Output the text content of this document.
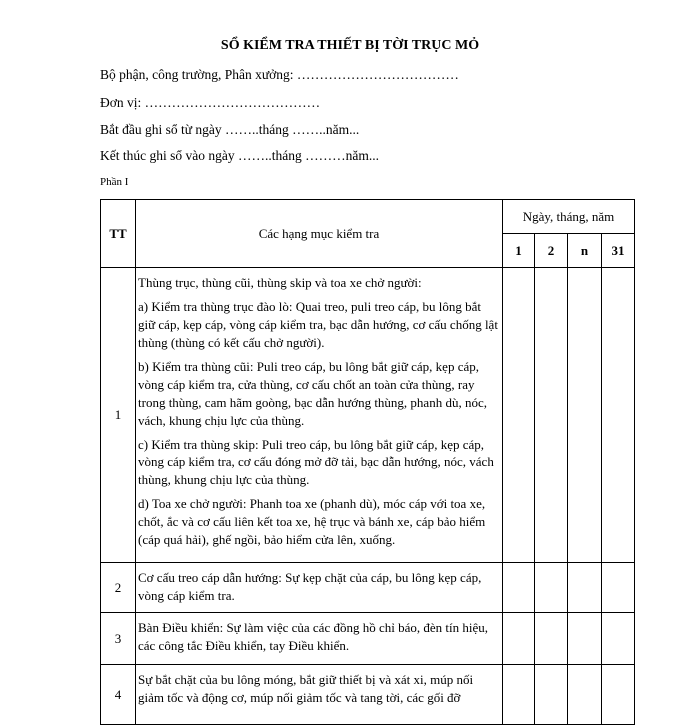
SỔ KIỂM TRA THIẾT BỊ TỜI TRỤC MỎ
Bộ phận, công trường, Phân xưởng: ………………………………
Đơn vị: …………………………………
Bắt đầu ghi sổ từ ngày ……..tháng ……..năm...
Kết thúc ghi sổ vào ngày ……..tháng ………năm...
Phần I
TT	Các hạng mục kiểm tra	Ngày, tháng, năm			
		1	2	n	31
1	Thùng trục, thùng cũi, thùng skip và toa xe chở người:

a) Kiểm tra thùng trục đào lò: Quai treo, puli treo cáp, bu lông bắt giữ cáp, kẹp cáp, vòng cáp kiểm tra, bạc dẫn hướng, cơ cấu chống lật thùng (thùng có kết cấu chở người).

b) Kiểm tra thùng cũi: Puli treo cáp, bu lông bắt giữ cáp, kẹp cáp, vòng cáp kiểm tra, cửa thùng, cơ cấu chốt an toàn cửa thùng, ray trong thùng, cam hãm goòng, bạc dẫn hướng thùng, phanh dù, nóc, vách, khung chịu lực của thùng.

c) Kiểm tra thùng skip: Puli treo cáp, bu lông bắt giữ cáp, kẹp cáp, vòng cáp kiểm tra, cơ cấu đóng mở đỡ tải, bạc dẫn hướng, nóc, vách thùng, khung chịu lực của thùng.

d) Toa xe chở người: Phanh toa xe (phanh dù), móc cáp với toa xe, chốt, ắc và cơ cấu liên kết toa xe, hệ trục và bánh xe, cáp bảo hiểm (cáp quá hải), ghế ngồi, bảo hiểm cửa lên, xuống.				

2	Cơ cấu treo cáp dẫn hướng: Sự kẹp chặt của cáp, bu lông kẹp cáp, vòng cáp kiểm tra.				

3	Bàn Điều khiển: Sự làm việc của các đồng hồ chỉ báo, đèn tín hiệu, các công tắc Điều khiển, tay Điều khiển.				

4	Sự bắt chặt của bu lông móng, bắt giữ thiết bị và xát xi, múp nối giảm tốc và động cơ, múp nối giảm tốc và tang tời, các gối đỡ				
